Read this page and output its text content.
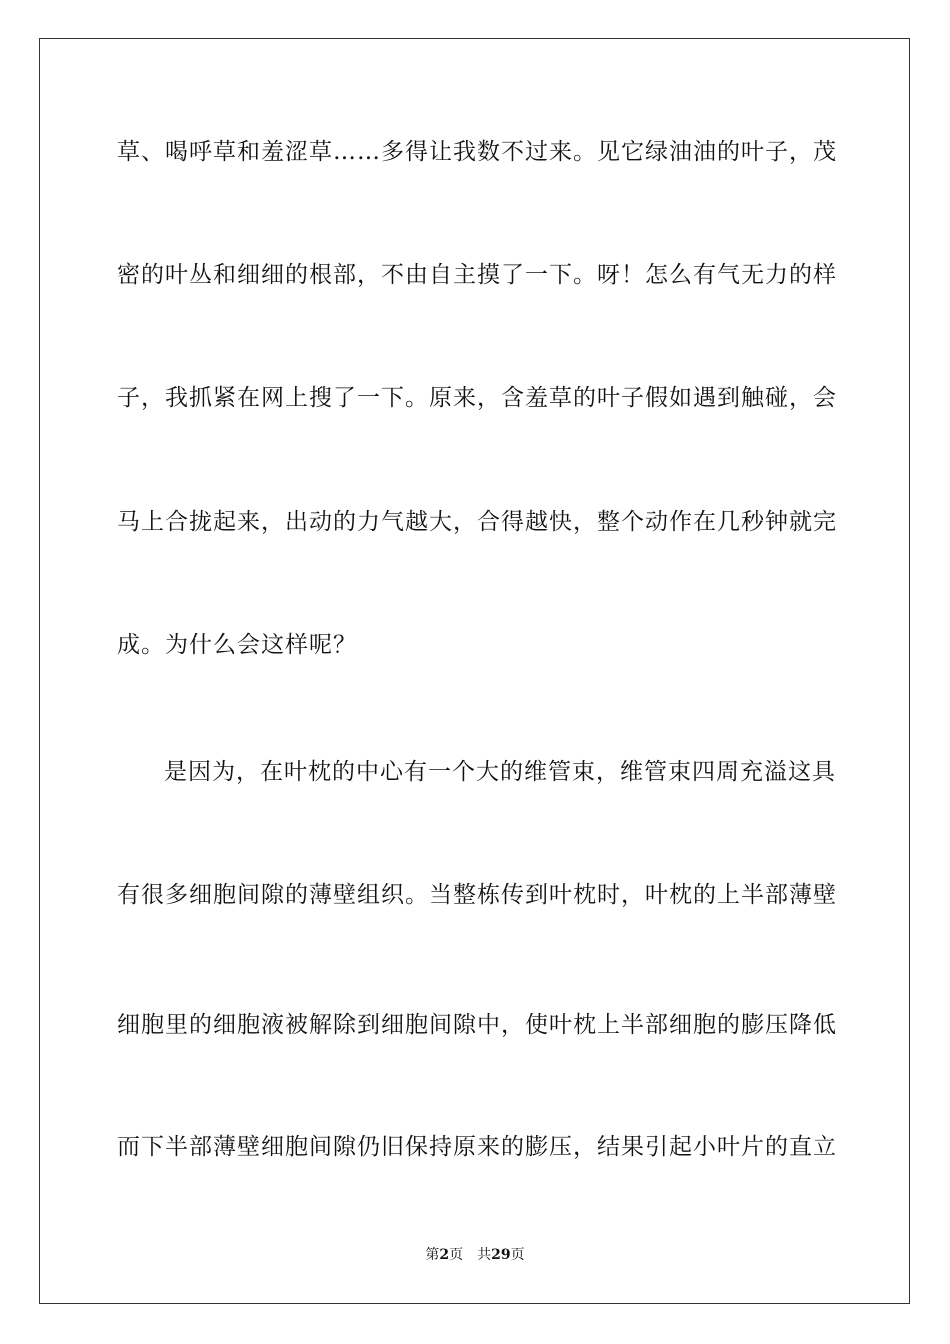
草、喝呼草和羞涩草……多得让我数不过来。见它绿油油的叶子，茂
密的叶丛和细细的根部，不由自主摸了一下。呀！怎么有气无力的样
子，我抓紧在网上搜了一下。原来，含羞草的叶子假如遇到触碰，会
马上合拢起来，出动的力气越大，合得越快，整个动作在几秒钟就完
成。为什么会这样呢？
是因为，在叶枕的中心有一个大的维管束，维管束四周充溢这具
有很多细胞间隙的薄壁组织。当整栋传到叶枕时，叶枕的上半部薄壁
细胞里的细胞液被解除到细胞间隙中，使叶枕上半部细胞的膨压降低
而下半部薄壁细胞间隙仍旧保持原来的膨压，结果引起小叶片的直立
第2页 共29页
